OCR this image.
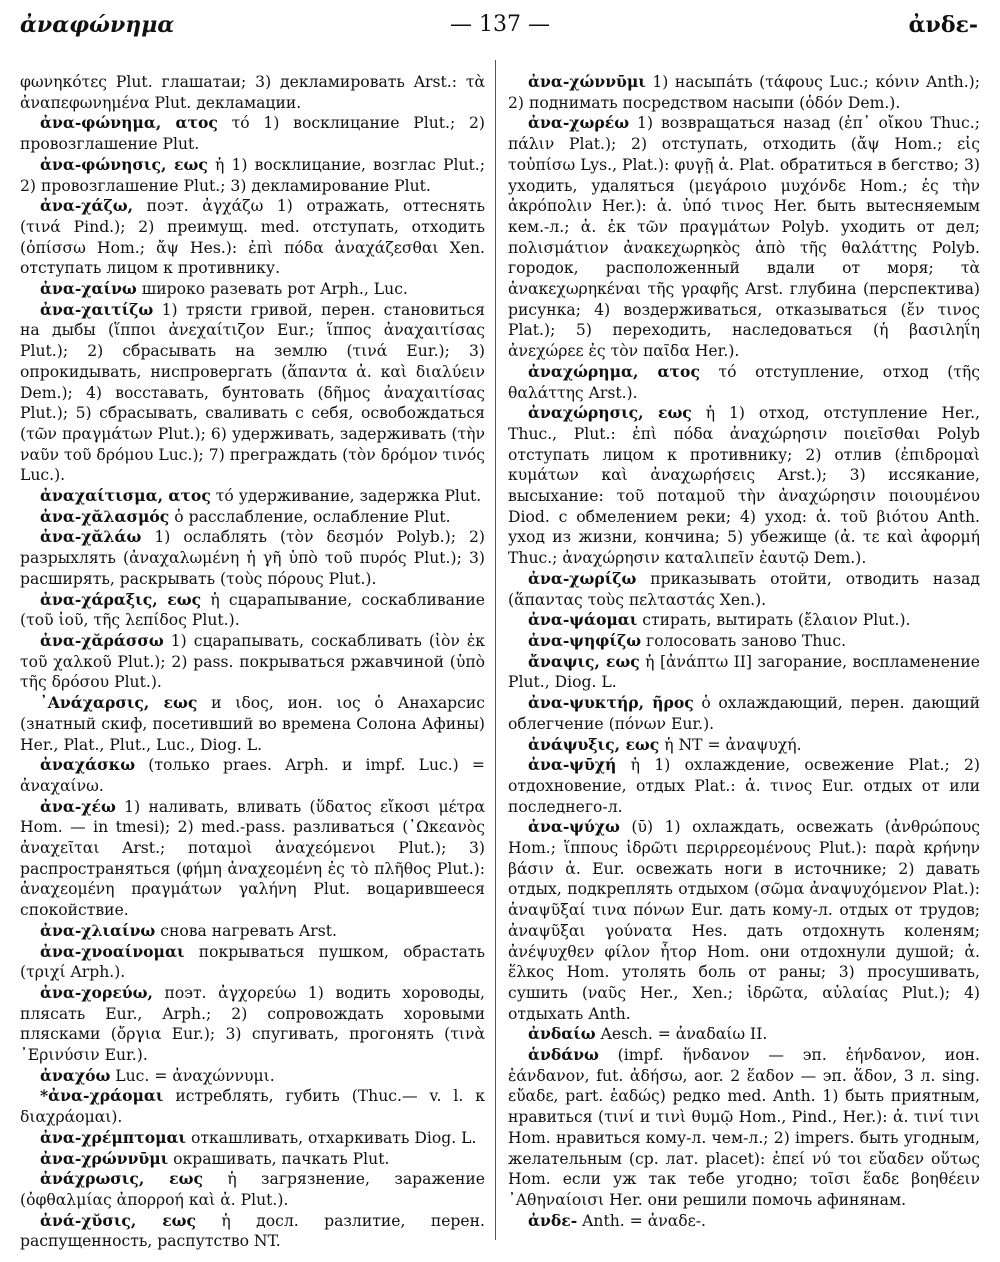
ἀναφώνημα	— 137 —	ἀνδε-

φωνηκότες Plut. глашатаи; 3) декламировать Arst.: τὰ ἀναπεφωνημένα Plut. декламации.

ἀνα-φώνημα, ατος τό 1) восклицание Plut.; 2) провозглашение Plut.

ἀνα-φώνησις, εως ἡ 1) восклицание, возглас Plut.; 2) провозглашение Plut.; 3) декламирование Plut.

ἀνα-χάζω, поэт. ἀγχάζω 1) отражать, оттеснять (τινά Pind.); 2) преимущ. med. отступать, отходить (ὀπίσσω Hom.; ἄψ Hes.): ἐπὶ πόδα ἀναχάζεσθαι Xen. отступать лицом к противнику.

ἀνα-χαίνω широко разевать рот Arph., Luc.

ἀνα-χαιτίζω 1) трясти гривой, перен. становиться на дыбы (ἵπποι ἀνεχαίτιζον Eur.; ἵππος ἀναχαιτίσας Plut.); 2) сбрасывать на землю (τινά Eur.); 3) опрокидывать, ниспровергать (ἅπαντα ἀ. καὶ διαλύειν Dem.); 4) восставать, бунтовать (δῆμος ἀναχαιτίσας Plut.); 5) сбрасывать, сваливать с себя, освобождаться (τῶν πραγμάτων Plut.); 6) удерживать, задерживать (τὴν ναῦν τοῦ δρόμου Luc.); 7) преграждать (τὸν δρόμον τινός Luc.).

ἀναχαίτισμα, ατος τό удерживание, задержка Plut.

ἀνα-χᾰλασμός ὁ расслабление, ослабление Plut.

ἀνα-χᾰλάω 1) ослаблять (τὸν δεσμόν Polyb.); 2) разрыхлять (ἀναχαλωμένη ἡ γῆ ὑπὸ τοῦ πυρός Plut.); 3) расширять, раскрывать (τοὺς πόρους Plut.).

ἀνα-χάραξις, εως ἡ сцарапывание, соскабливание (τοῦ ἰοῦ, τῆς λεπίδος Plut.).

ἀνα-χᾰράσσω 1) сцарапывать, соскабливать (ἰὸν ἐκ τοῦ χαλκοῦ Plut.); 2) pass. покрываться ржавчиной (ὑπὸ τῆς δρόσου Plut.).

᾿Ανάχαρσις, εως и ιδος, ион. ιος ὁ Анахарсис (знатный скиф, посетивший во времена Солона Афины) Her., Plat., Plut., Luc., Diog. L.

ἀναχάσκω (только praes. Arph. и impf. Luc.) = ἀναχαίνω.

ἀνα-χέω 1) наливать, вливать (ὕδατος εἴκοσι μέτρα Hom. — in tmesi); 2) med.-pass. разливаться (᾿Ωκεανὸς ἀναχεῖται Arst.; ποταμοὶ ἀναχεόμενοι Plut.); 3) распространяться (φήμη ἀναχεομένη ἐς τὸ πλῆθος Plut.): ἀναχεομένη πραγμάτων γαλήνη Plut. воцарившееся спокойствие.

ἀνα-χλιαίνω снова нагревать Arst.

ἀνα-χνοαίνομαι покрываться пушком, обрастать (τριχί Arph.).

ἀνα-χορεύω, поэт. ἀγχορεύω 1) водить хороводы, плясать Eur., Arph.; 2) сопровождать хоровыми плясками (ὄργια Eur.); 3) спугивать, прогонять (τινὰ ᾿Ερινύσιν Eur.).

ἀναχόω Luc. = ἀναχώννυμι.

*ἀνα-χράομαι истреблять, губить (Thuc.— v. l. к διαχράομαι).

ἀνα-χρέμπτομαι откашливать, отхаркивать Diog. L.

ἀνα-χρώννῡμι окрашивать, пачкать Plut.

ἀνάχρωσις, εως ἡ загрязнение, заражение (ὀφθαλμίας ἀπορροή καὶ ἀ. Plut.).

ἀνά-χῠσις, εως ἡ досл. разлитие, перен. распущенность, распутство NT.

ἀνα-χώννῡμι 1) насыпáть (τάφους Luc.; κόνιν Anth.); 2) поднимать посредством насыпи (ὁδόν Dem.).

ἀνα-χωρέω 1) возвращаться назад (ἐπ᾿ οἴκου Thuc.; πάλιν Plat.); 2) отступать, отходить (ἄψ Hom.; εἰς τοὐπίσω Lys., Plat.): φυγῇ ἀ. Plat. обратиться в бегство; 3) уходить, удаляться (μεγάροιο μυχόνδε Hom.; ἐς τὴν ἀκρόπολιν Her.): ἀ. ὑπό τινος Her. быть вытесняемым кем.-л.; ἀ. ἐκ τῶν πραγμάτων Polyb. уходить от дел; πολισμάτιον ἀνακεχωρηκὸς ἀπὸ τῆς θαλάττης Polyb. городок, расположенный вдали от моря; τὰ ἀνακεχωρηκέναι τῆς γραφῆς Arst. глубина (перспектива) рисунка; 4) воздерживаться, отказываться (ἔν τινος Plat.); 5) переходить, наследоваться (ἡ βασιληΐη ἀνεχώρεε ἐς τὸν παῖδα Her.).

ἀναχώρημα, ατος τό отступление, отход (τῆς θαλάττης Arst.).

ἀναχώρησις, εως ἡ 1) отход, отступление Her., Thuc., Plut.: ἐπὶ πόδα ἀναχώρησιν ποιεῖσθαι Polyb отступать лицом к противнику; 2) отлив (ἐπιδρομαὶ κυμάτων καὶ ἀναχωρήσεις Arst.); 3) иссякание, высыхание: τοῦ ποταμοῦ τὴν ἀναχώρησιν ποιουμένου Diod. с обмелением реки; 4) уход: ἀ. τοῦ βιότου Anth. уход из жизни, кончина; 5) убежище (ἀ. τε καὶ ἀφορμή Thuc.; ἀναχώρησιν καταλιπεῖν ἑαυτῷ Dem.).

ἀνα-χωρίζω приказывать отойти, отводить назад (ἅπαντας τοὺς πελταστάς Xen.).

ἀνα-ψάομαι стирать, вытирать (ἔλαιον Plut.).

ἀνα-ψηφίζω голосовать заново Thuc.

ἄναψις, εως ἡ [ἀνάπτω II] загорание, воспламенение Plut., Diog. L.

ἀνα-ψυκτήρ, ῆρος ὁ охлаждающий, перен. дающий облегчение (πόνων Eur.).

ἀνάψυξις, εως ἡ NT = ἀναψυχή.

ἀνα-ψῡχή ἡ 1) охлаждение, освежение Plat.; 2) отдохновение, отдых Plat.: ἀ. τινος Eur. отдых от или последнего-л.

ἀνα-ψύχω (ῡ) 1) охлаждать, освежать (ἀνθρώπους Hom.; ἵππους ἱδρῶτι περιρρεομένους Plut.): παρὰ κρήνην βάσιν ἀ. Eur. освежать ноги в источнике; 2) давать отдых, подкреплять отдыхом (σῶμα ἀναψυχόμενον Plat.): ἀναψῦξαί τινα πόνων Eur. дать кому-л. отдых от трудов; ἀναψῦξαι γούνατα Hes. дать отдохнуть коленям; ἀνέψυχθεν φίλον ἦτορ Hom. они отдохнули душой; ἀ. ἕλκος Hom. утолять боль от раны; 3) просушивать, сушить (ναῦς Her., Xen.; ἱδρῶτα, αὐλαίας Plut.); 4) отдыхать Anth.

ἀνδαίω Aesch. = ἀναδαίω II.

ἁνδάνω (impf. ἥνδανον — эп. ἑήνδανον, ион. ἑάνδανον, fut. ἁδήσω, aor. 2 ἕαδον — эп. ἅδον, 3 л. sing. εὔαδε, part. ἑαδώς) редко med. Anth. 1) быть приятным, нравиться (τινί и τινὶ θυμῷ Hom., Pind., Her.): ἀ. τινί τινι Hom. нравиться кому-л. чем-л.; 2) impers. быть угодным, желательным (ср. лат. placet): ἐπεί νύ τοι εὔαδεν οὕτως Hom. если уж так тебе угодно; τοῖσι ἕαδε βοηθέειν ᾿Αθηναίοισι Her. они решили помочь афинянам.

ἀνδε- Anth. = ἀναδε-.
